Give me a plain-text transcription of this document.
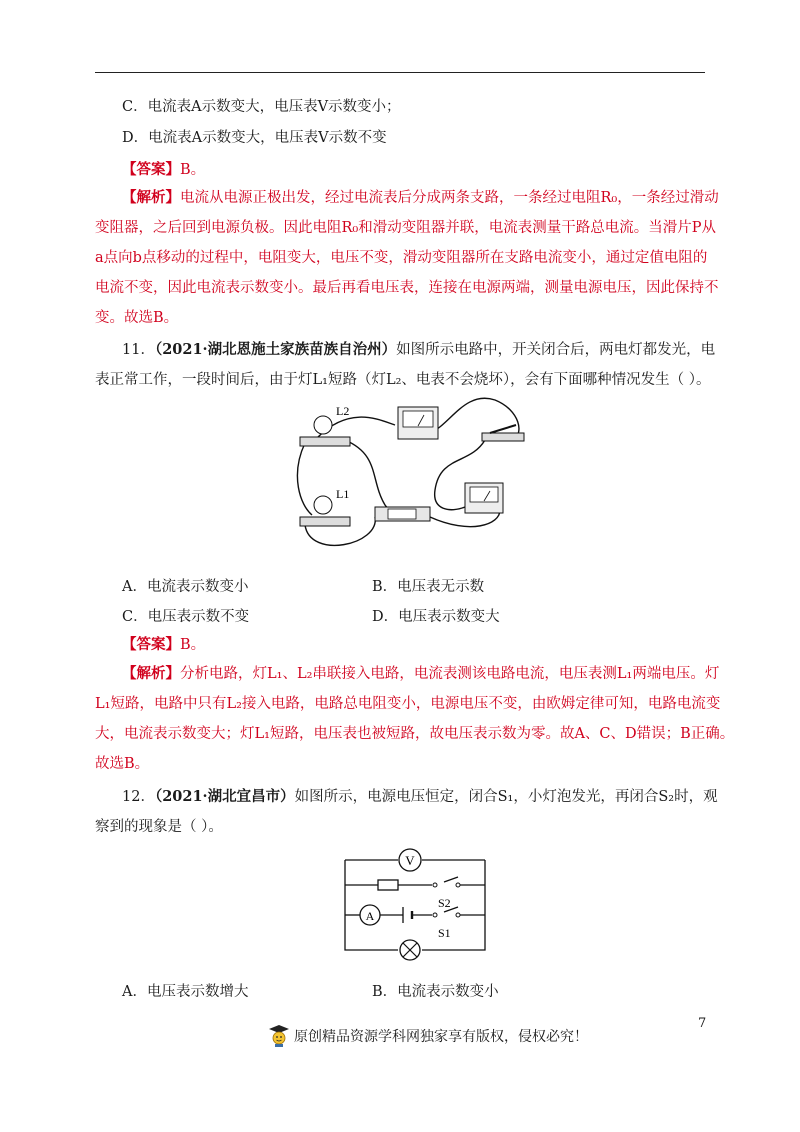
C．电流表A示数变大，电压表V示数变小；
D．电流表A示数变大，电压表V示数不变
【答案】B。
【解析】电流从电源正极出发，经过电流表后分成两条支路，一条经过电阻R₀，一条经过滑动
变阻器，之后回到电源负极。因此电阻R₀和滑动变阻器并联，电流表测量干路总电流。当滑片P从
a点向b点移动的过程中，电阻变大，电压不变，滑动变阻器所在支路电流变小，通过定值电阻的
电流不变，因此电流表示数变小。最后再看电压表，连接在电源两端，测量电源电压，因此保持不
变。故选B。
11．（2021·湖北恩施土家族苗族自治州）如图所示电路中，开关闭合后，两电灯都发光，电
表正常工作，一段时间后，由于灯L₁短路（灯L₂、电表不会烧坏），会有下面哪种情况发生（ ）。
L2
L1
A．电流表示数变小	B．电压表无示数
C．电压表示数不变	D．电压表示数变大
【答案】B。
【解析】分析电路，灯L₁、L₂串联接入电路，电流表测该电路电流，电压表测L₁两端电压。灯
L₁短路，电路中只有L₂接入电路，电路总电阻变小，电源电压不变，由欧姆定律可知，电路电流变
大，电流表示数变大；灯L₁短路，电压表也被短路，故电压表示数为零。故A、C、D错误；B正确。
故选B。
12．（2021·湖北宜昌市）如图所示，电源电压恒定，闭合S₁，小灯泡发光，再闭合S₂时，观
察到的现象是（ ）。
V
A
S2
S1
A．电压表示数增大	B．电流表示数变小
7
原创精品资源学科网独家享有版权，侵权必究！
